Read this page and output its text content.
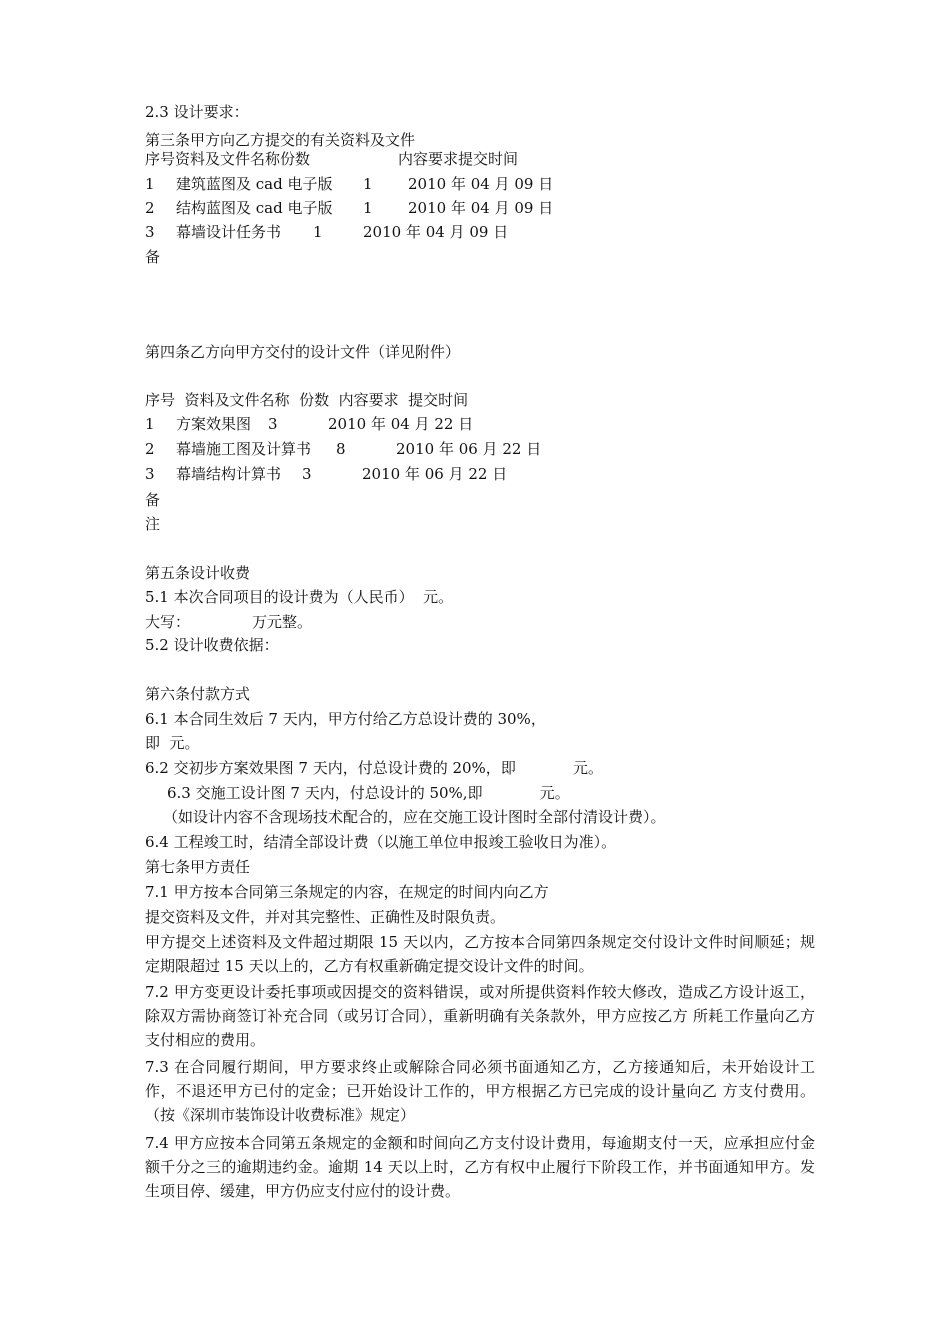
2.3 设计要求：
第三条甲方向乙方提交的有关资料及文件
序号资料及文件名称份数	内容要求提交时间
1 建筑蓝图及 cad 电子版 1 2010 年 04 月 09 日
2 结构蓝图及 cad 电子版 1 2010 年 04 月 09 日
3 幕墙设计任务书 1	2010 年 04 月 09 日
备
第四条乙方向甲方交付的设计文件（详见附件）
序号  资料及文件名称  份数  内容要求  提交时间
1 方案效果图 3	2010 年 04 月 22 日
2 幕墙施工图及计算书 8	2010 年 06 月 22 日
3 幕墙结构计算书 3	2010 年 06 月 22 日
备
注
第五条设计收费
5.1 本次合同项目的设计费为（人民币）  元。
大写：             万元整。
5.2 设计收费依据：
第六条付款方式
6.1 本合同生效后 7 天内，甲方付给乙方总设计费的 30%，
即  元。
6.2 交初步方案效果图 7 天内，付总设计费的 20%，即            元。
6.3 交施工设计图 7 天内，付总设计的 50%,即            元。
（如设计内容不含现场技术配合的，应在交施工设计图时全部付清设计费）。
6.4 工程竣工时，结清全部设计费（以施工单位申报竣工验收日为准）。
第七条甲方责任
7.1 甲方按本合同第三条规定的内容，在规定的时间内向乙方
提交资料及文件，并对其完整性、正确性及时限负责。
甲方提交上述资料及文件超过期限 15 天以内，乙方按本合同第四条规定交付设计文件时间顺延；规定期限超过 15 天以上的，乙方有权重新确定提交设计文件的时间。
7.2 甲方变更设计委托事项或因提交的资料错误，或对所提供资料作较大修改，造成乙方设计返工，除双方需协商签订补充合同（或另订合同），重新明确有关条款外，甲方应按乙方 所耗工作量向乙方支付相应的费用。
7.3 在合同履行期间，甲方要求终止或解除合同必须书面通知乙方，乙方接通知后，未开始设计工作，不退还甲方已付的定金；已开始设计工作的，甲方根据乙方已完成的设计量向乙 方支付费用。（按《深圳市装饰设计收费标准》规定）
7.4 甲方应按本合同第五条规定的金额和时间向乙方支付设计费用，每逾期支付一天，应承担应付金额千分之三的逾期违约金。逾期 14 天以上时，乙方有权中止履行下阶段工作，并书面通知甲方。发生项目停、缓建，甲方仍应支付应付的设计费。
